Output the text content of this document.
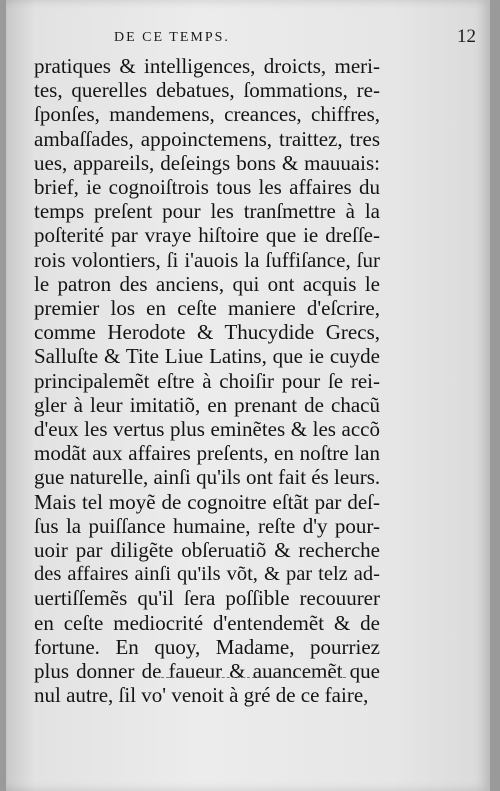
DE CE TEMPS.	12
pratiques & intelligences, droicts, meri-
tes, querelles debatues, ſommations, re-
ſponſes, mandemens, creances, chiffres,
ambaſſades, appoinctemens, traittez, tres
ues, appareils, deſeings bons & mauuais:
brief, ie cognoiſtrois tous les affaires du
temps preſent pour les tranſmettre à la
poſterité par vraye hiſtoire que ie dreſſe-
rois volontiers, ſi i'auois la ſuffiſance, ſur
le patron des anciens, qui ont acquis le
premier los en ceſte maniere d'eſcrire,
comme Herodote & Thucydide Grecs,
Salluſte & Tite Liue Latins, que ie cuyde
principalemẽt eſtre à choiſir pour ſe rei-
gler à leur imitatiõ, en prenant de chacũ
d'eux les vertus plus eminẽtes & les accõ
modãt aux affaires preſents, en noſtre lan
gue naturelle, ainſi qu'ils ont fait és leurs.
Mais tel moyẽ de cognoitre eſtãt par deſ-
ſus la puiſſance humaine, reſte d'y pour-
uoir par diligẽte obſeruatiõ & recherche
des affaires ainſi qu'ils võt, & par telz ad-
uertiſſemẽs qu'il ſera poſſible recouurer
en ceſte mediocrité d'entendemẽt & de
fortune. En quoy, Madame, pourriez
plus donner de faueur & auancemẽt que
nul autre, ſil vo' venoit à gré de ce faire,
